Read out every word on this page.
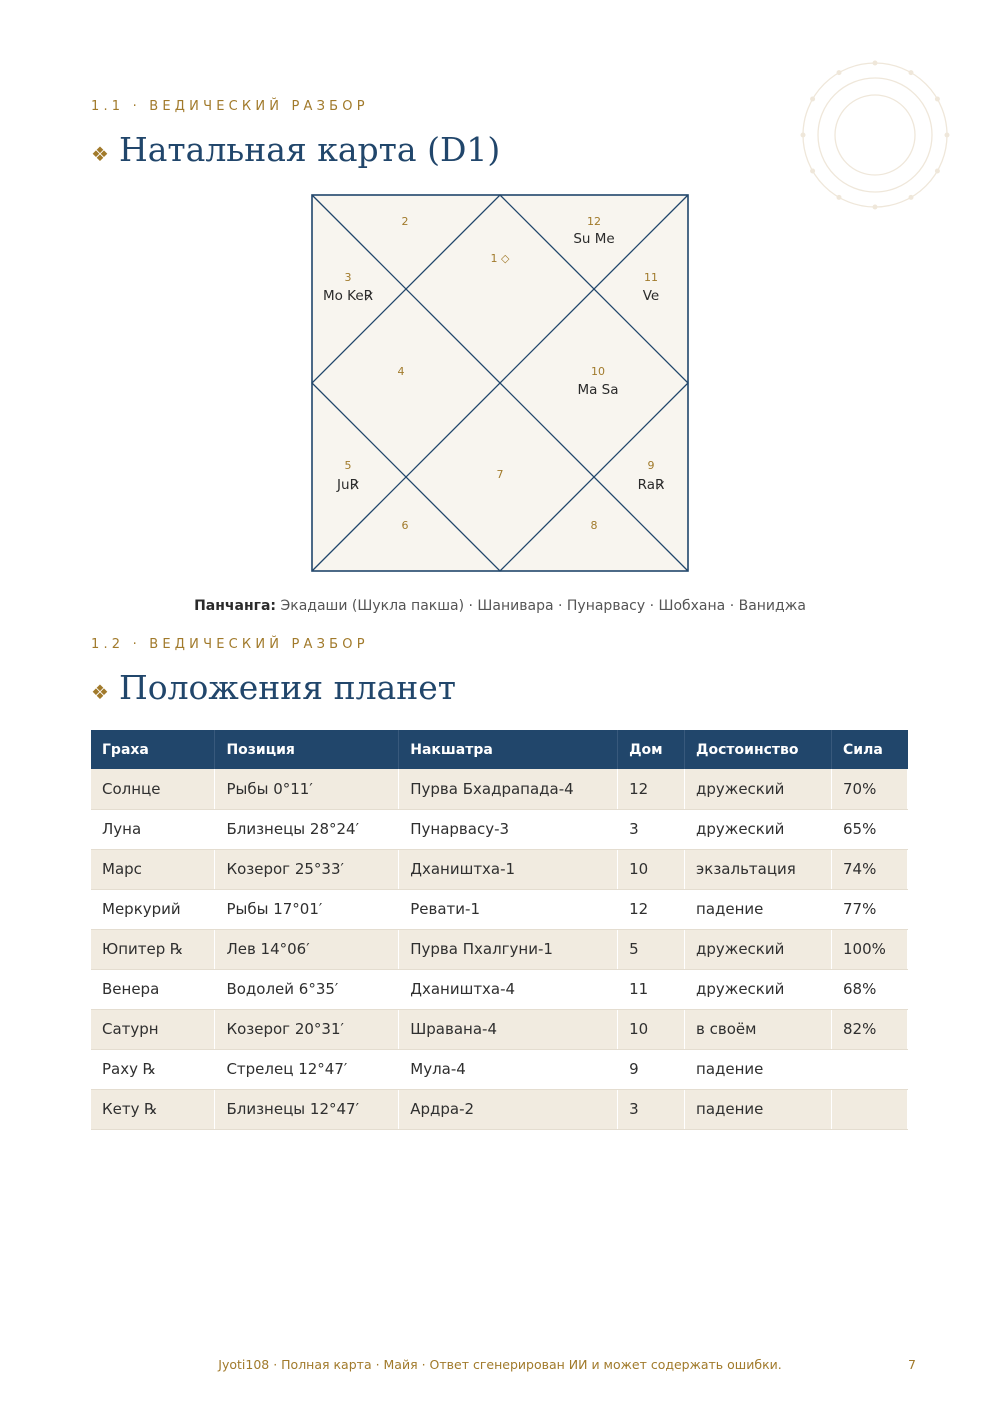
1.1 · ВЕДИЧЕСКИЙ РАЗБОР
❖ Натальная карта (D1)
1 ◇
2
3
4
5
6
7
8
9
10
11
12
Mo KeR̷
JuR̷	RaR̷
Ma Sa
Ve
Su Me
Панчанга: Экадаши (Шукла пакша) · Шанивара · Пунарвасу · Шобхана · Ваниджа
1.2 · ВЕДИЧЕСКИЙ РАЗБОР
❖ Положения планет
Граха	Позиция	Накшатра	Дом	Достоинство	Сила
Солнце	Рыбы 0°11′	Пурва Бхадрапада-4	12	дружеский	70%
Луна	Близнецы 28°24′	Пунарвасу-3	3	дружеский	65%
Марс	Козерог 25°33′	Дхаништха-1	10	экзальтация	74%
Меркурий	Рыбы 17°01′	Ревати-1	12	падение	77%
Юпитер ℞	Лев 14°06′	Пурва Пхалгуни-1	5	дружеский	100%
Венера	Водолей 6°35′	Дхаништха-4	11	дружеский	68%
Сатурн	Козерог 20°31′	Шравана-4	10	в своём	82%
Раху ℞	Стрелец 12°47′	Мула-4	9	падение	
Кету ℞	Близнецы 12°47′	Ардра-2	3	падение	
Jyoti108 · Полная карта · Майя · Ответ сгенерирован ИИ и может содержать ошибки.	7
